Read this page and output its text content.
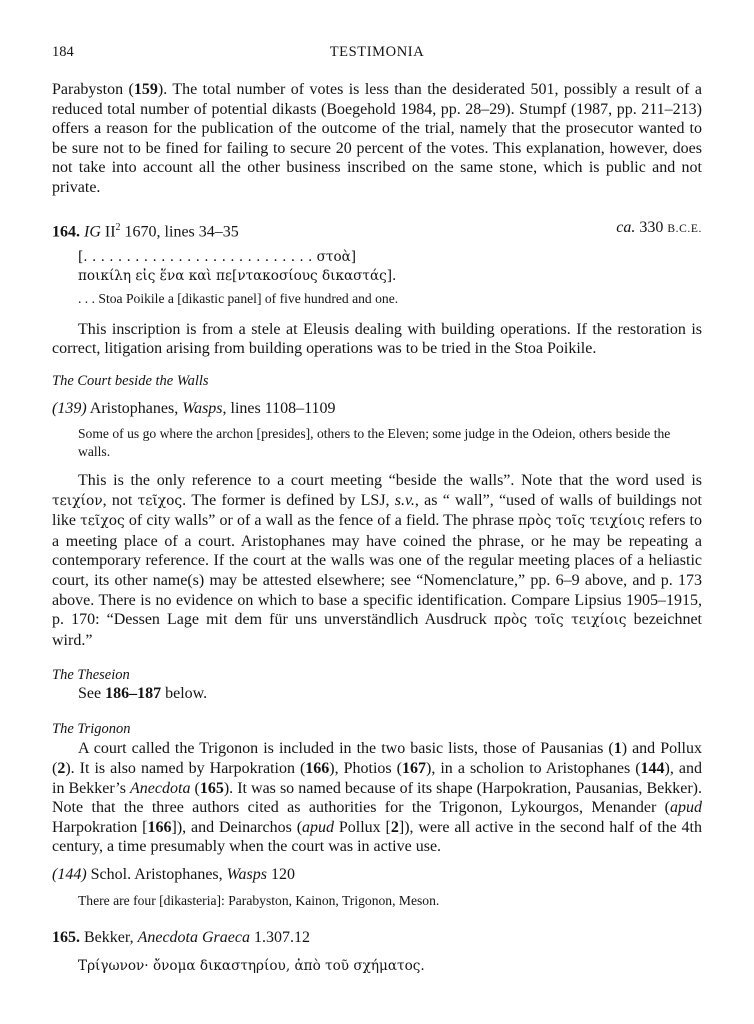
184	TESTIMONIA

Parabyston (159). The total number of votes is less than the desiderated 501, possibly a result of a reduced total number of potential dikasts (Boegehold 1984, pp. 28–29). Stumpf (1987, pp. 211–213) offers a reason for the publication of the outcome of the trial, namely that the prosecutor wanted to be sure not to be fined for failing to secure 20 percent of the votes. This explanation, however, does not take into account all the other business inscribed on the same stone, which is public and not private.

164. IG $II^2$ 1670, lines 34–35	ca. 330 B.C.E.
[. . . . . . . . . . . . . . . . . . . . . . . . . . . στοὰ]
ποικίλη εἰς ἕνα καὶ πε[ντακοσίους δικαστάς].
. . . Stoa Poikile a [dikastic panel] of five hundred and one.

This inscription is from a stele at Eleusis dealing with building operations. If the restoration is correct, litigation arising from building operations was to be tried in the Stoa Poikile.

The Court beside the Walls
(139) Aristophanes, Wasps, lines 1108–1109
Some of us go where the archon [presides], others to the Eleven; some judge in the Odeion, others beside the walls.

This is the only reference to a court meeting “beside the walls”. Note that the word used is τειχίον, not τεῖχος. The former is defined by LSJ, s.v., as “ wall”, “used of walls of buildings not like τεῖχος of city walls” or of a wall as the fence of a field. The phrase πρὸς τοῖς τειχίοις refers to a meeting place of a court. Aristophanes may have coined the phrase, or he may be repeating a contemporary reference. If the court at the walls was one of the regular meeting places of a heliastic court, its other name(s) may be attested elsewhere; see “Nomenclature,” pp. 6–9 above, and p. 173 above. There is no evidence on which to base a specific identification. Compare Lipsius 1905–1915, p. 170: “Dessen Lage mit dem für uns unverständlich Ausdruck πρὸς τοῖς τειχίοις bezeichnet wird.”

The Theseion
See 186–187 below.
The Trigonon

A court called the Trigonon is included in the two basic lists, those of Pausanias (1) and Pollux (2). It is also named by Harpokration (166), Photios (167), in a scholion to Aristophanes (144), and in Bekker’s Anecdota (165). It was so named because of its shape (Harpokration, Pausanias, Bekker). Note that the three authors cited as authorities for the Trigonon, Lykourgos, Menander (apud Harpokration [166]), and Deinarchos (apud Pollux [2]), were all active in the second half of the 4th century, a time presumably when the court was in active use.

(144) Schol. Aristophanes, Wasps 120
There are four [dikasteria]: Parabyston, Kainon, Trigonon, Meson.
165. Bekker, Anecdota Graeca 1.307.12
Τρίγωνον· ὄνομα δικαστηρίου, ἀπὸ τοῦ σχήματος.
